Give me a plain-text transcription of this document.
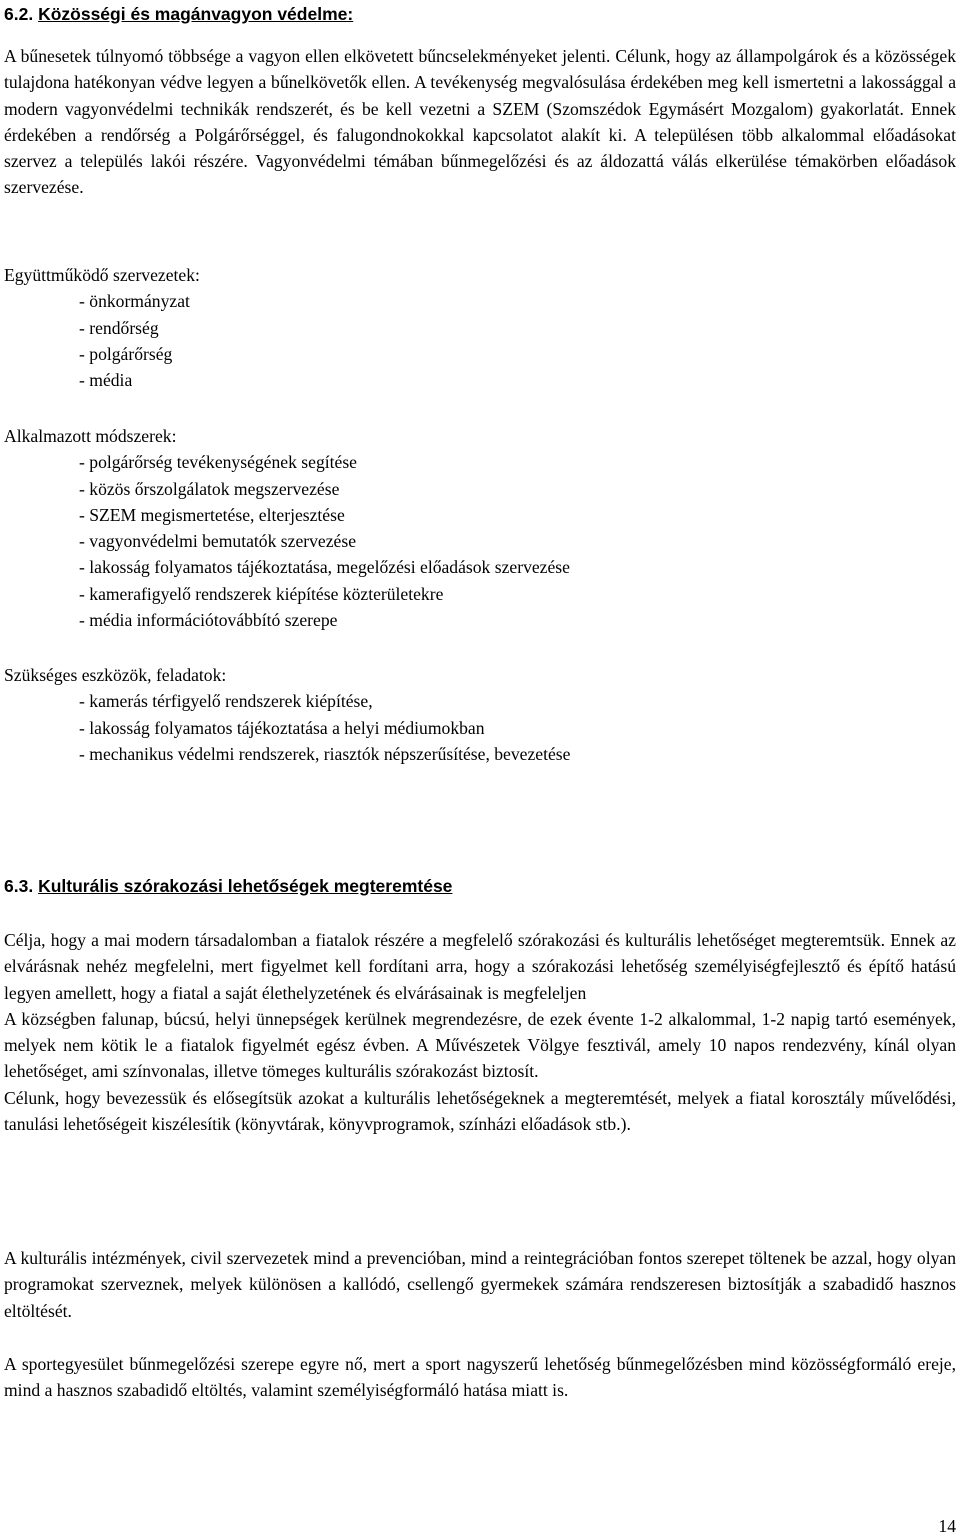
6.2. Közösségi és magánvagyon védelme:

A bűnesetek túlnyomó többsége a vagyon ellen elkövetett bűncselekményeket jelenti. Célunk, hogy az állampolgárok és a közösségek tulajdona hatékonyan védve legyen a bűnelkövetők ellen. A tevékenység megvalósulása érdekében meg kell ismertetni a lakossággal a modern vagyonvédelmi technikák rendszerét, és be kell vezetni a SZEM (Szomszédok Egymásért Mozgalom) gyakorlatát. Ennek érdekében a rendőrség a Polgárőrséggel, és falugondnokokkal kapcsolatot alakít ki. A településen több alkalommal előadásokat szervez a település lakói részére. Vagyonvédelmi témában bűnmegelőzési és az áldozattá válás elkerülése témakörben előadások szervezése.

Együttműködő szervezetek:

- önkormányzat
- rendőrség
- polgárőrség
- média

Alkalmazott módszerek:

- polgárőrség tevékenységének segítése
- közös őrszolgálatok megszervezése
- SZEM megismertetése, elterjesztése
- vagyonvédelmi bemutatók szervezése
- lakosság folyamatos tájékoztatása, megelőzési előadások szervezése
- kamerafigyelő rendszerek kiépítése közterületekre
- média információtovábbító szerepe

Szükséges eszközök, feladatok:

- kamerás térfigyelő rendszerek kiépítése,
- lakosság folyamatos tájékoztatása a helyi médiumokban
- mechanikus védelmi rendszerek, riasztók népszerűsítése, bevezetése
6.3. Kulturális szórakozási lehetőségek megteremtése

Célja, hogy a mai modern társadalomban a fiatalok részére a megfelelő szórakozási és kulturális lehetőséget megteremtsük. Ennek az elvárásnak nehéz megfelelni, mert figyelmet kell fordítani arra, hogy a szórakozási lehetőség személyiségfejlesztő és építő hatású legyen amellett, hogy a fiatal a saját élethelyzetének és elvárásainak is megfeleljen

A községben falunap, búcsú, helyi ünnepségek kerülnek megrendezésre, de ezek évente 1-2 alkalommal, 1-2 napig tartó események, melyek nem kötik le a fiatalok figyelmét egész évben. A Művészetek Völgye fesztivál, amely 10 napos rendezvény, kínál olyan lehetőséget, ami színvonalas, illetve tömeges kulturális szórakozást biztosít.

Célunk, hogy bevezessük és elősegítsük azokat a kulturális lehetőségeknek a megteremtését, melyek a fiatal korosztály művelődési, tanulási lehetőségeit kiszélesítik (könyvtárak, könyvprogramok, színházi előadások stb.).

A kulturális intézmények, civil szervezetek mind a prevencióban, mind a reintegrációban fontos szerepet töltenek be azzal, hogy olyan programokat szerveznek, melyek különösen a kallódó, csellengő gyermekek számára rendszeresen biztosítják a szabadidő hasznos eltöltését.

A sportegyesület bűnmegelőzési szerepe egyre nő, mert a sport nagyszerű lehetőség bűnmegelőzésben mind közösségformáló ereje, mind a hasznos szabadidő eltöltés, valamint személyiségformáló hatása miatt is.

14
